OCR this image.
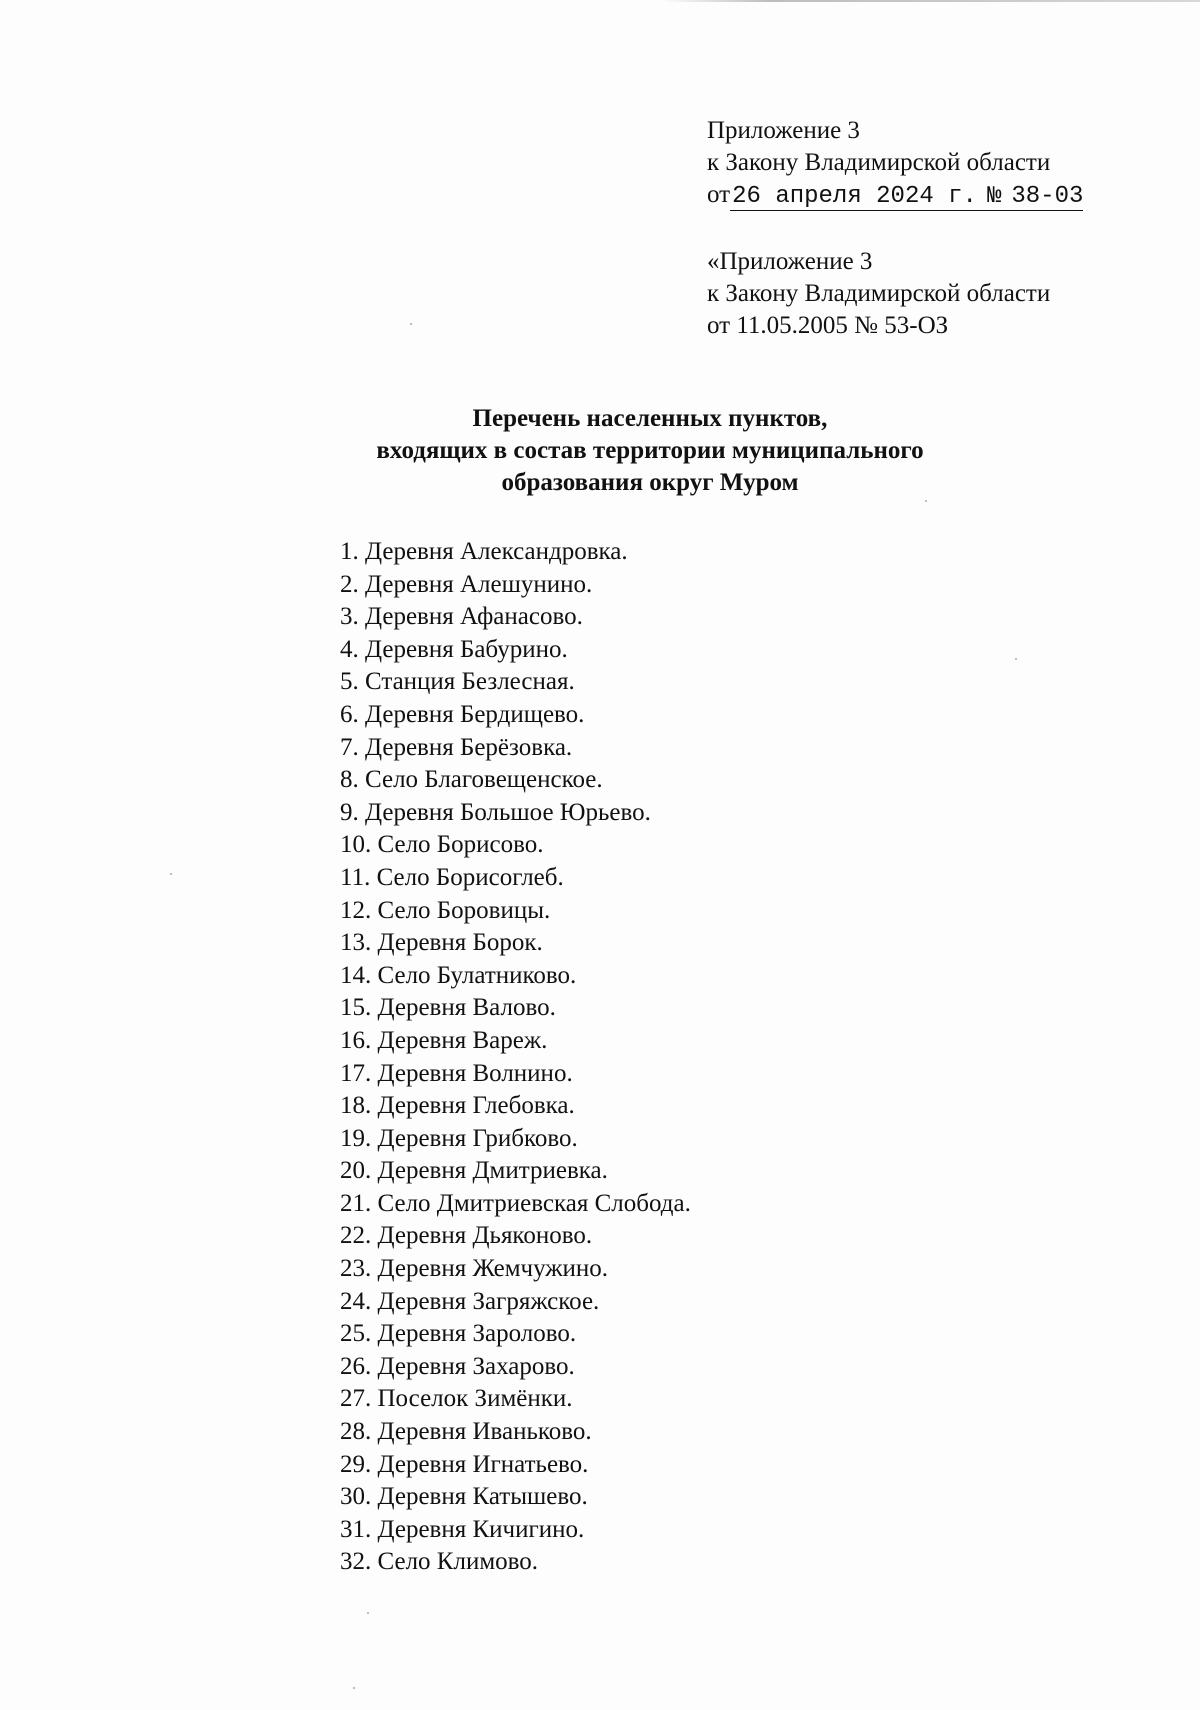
Приложение 3
к Закону Владимирской области
от26 апреля 2024 г. № 38-03
«Приложение 3
к Закону Владимирской области
от 11.05.2005 № 53-ОЗ
Перечень населенных пунктов,
входящих в состав территории муниципального
образования округ Муром
1. Деревня Александровка.
2. Деревня Алешунино.
3. Деревня Афанасово.
4. Деревня Бабурино.
5. Станция Безлесная.
6. Деревня Бердищево.
7. Деревня Берёзовка.
8. Село Благовещенское.
9. Деревня Большое Юрьево.
10. Село Борисово.
11. Село Борисоглеб.
12. Село Боровицы.
13. Деревня Борок.
14. Село Булатниково.
15. Деревня Валово.
16. Деревня Вареж.
17. Деревня Волнино.
18. Деревня Глебовка.
19. Деревня Грибково.
20. Деревня Дмитриевка.
21. Село Дмитриевская Слобода.
22. Деревня Дьяконово.
23. Деревня Жемчужино.
24. Деревня Загряжское.
25. Деревня Заролово.
26. Деревня Захарово.
27. Поселок Зимёнки.
28. Деревня Иваньково.
29. Деревня Игнатьево.
30. Деревня Катышево.
31. Деревня Кичигино.
32. Село Климово.
